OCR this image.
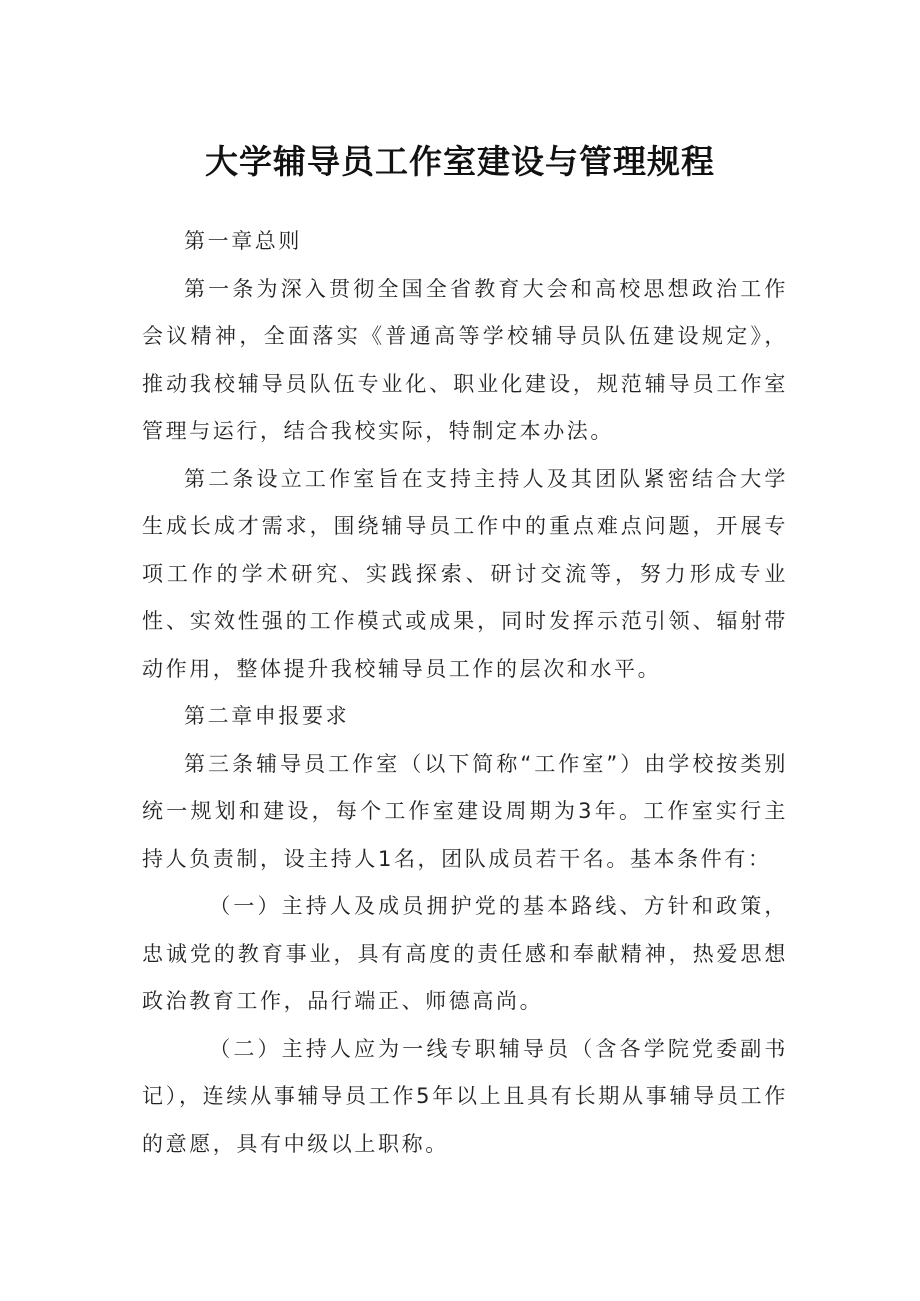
大学辅导员工作室建设与管理规程

第一章总则

第一条为深入贯彻全国全省教育大会和高校思想政治工作会议精神，全面落实《普通高等学校辅导员队伍建设规定》，推动我校辅导员队伍专业化、职业化建设，规范辅导员工作室管理与运行，结合我校实际，特制定本办法。

第二条设立工作室旨在支持主持人及其团队紧密结合大学生成长成才需求，围绕辅导员工作中的重点难点问题，开展专项工作的学术研究、实践探索、研讨交流等，努力形成专业性、实效性强的工作模式或成果，同时发挥示范引领、辐射带动作用，整体提升我校辅导员工作的层次和水平。

第二章申报要求

第三条辅导员工作室（以下简称“工作室”）由学校按类别统一规划和建设，每个工作室建设周期为3年。工作室实行主持人负责制，设主持人1名，团队成员若干名。基本条件有：

（一）主持人及成员拥护党的基本路线、方针和政策，忠诚党的教育事业，具有高度的责任感和奉献精神，热爱思想政治教育工作，品行端正、师德高尚。

（二）主持人应为一线专职辅导员（含各学院党委副书记），连续从事辅导员工作5年以上且具有长期从事辅导员工作的意愿，具有中级以上职称。
